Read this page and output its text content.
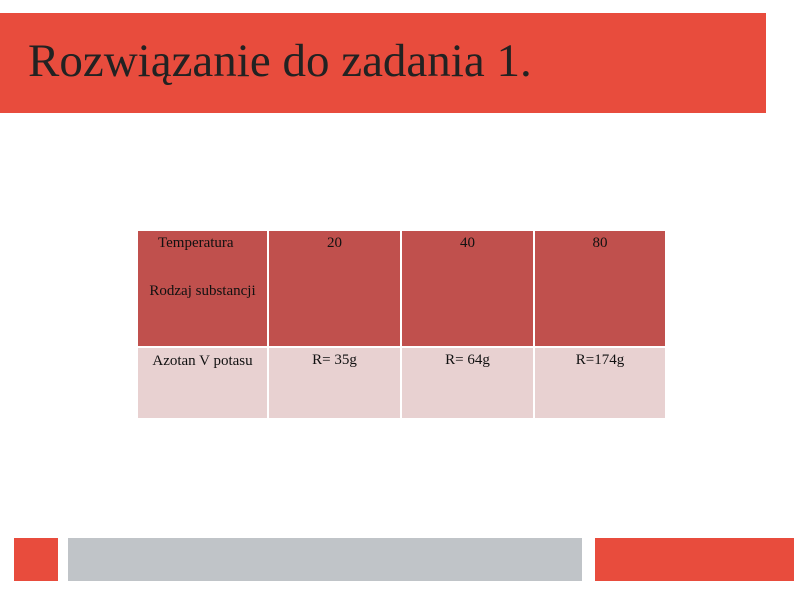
Rozwiązanie do zadania 1.
Temperatura
Rodzaj substancji	20	40	80

Azotan V potasu	R= 35g	R= 64g	R=174g
